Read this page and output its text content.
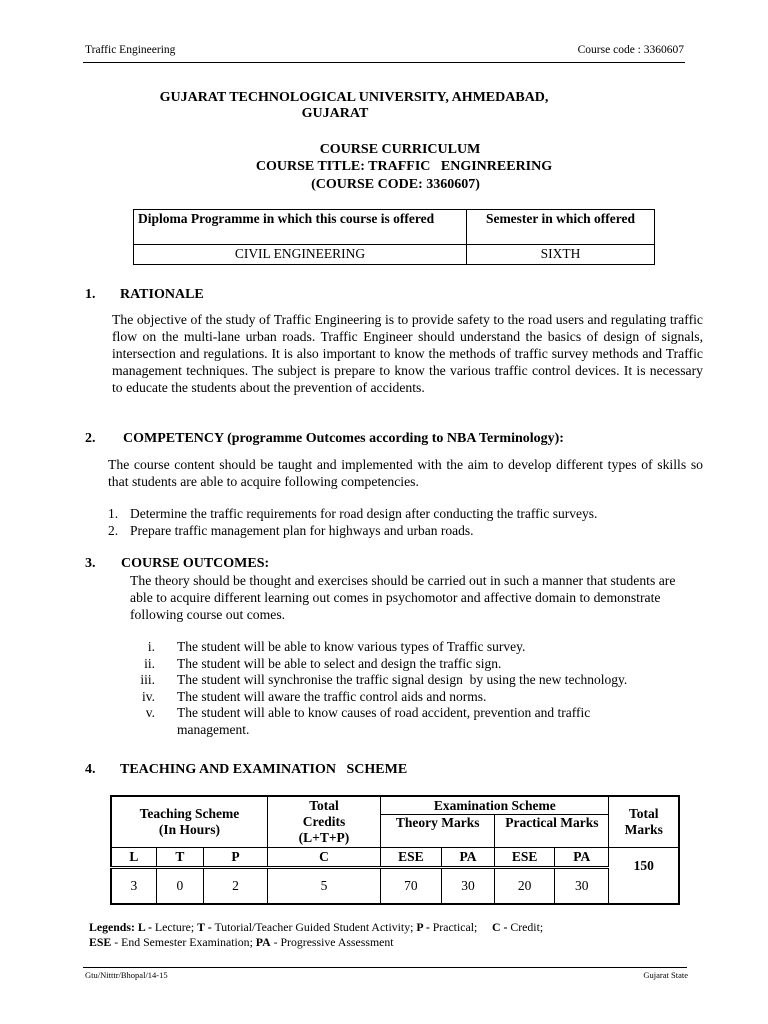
Traffic Engineering	Course code : 3360607
GUJARAT TECHNOLOGICAL UNIVERSITY, AHMEDABAD,
GUJARAT
COURSE CURRICULUM
COURSE TITLE: TRAFFIC   ENGINREERING
(COURSE CODE: 3360607)
Diploma Programme in which this course is offered	Semester in which offered
CIVIL ENGINEERING	SIXTH
1. RATIONALE
The objective of the study of Traffic Engineering is to provide safety to the road users and regulating traffic flow on the multi-lane urban roads. Traffic Engineer should understand the basics of design of signals, intersection and regulations. It is also important to know the methods of traffic survey methods and Traffic management techniques. The subject is prepare to know the various traffic control devices. It is necessary to educate the students about the prevention of accidents.
2. COMPETENCY (programme Outcomes according to NBA Terminology):
The course content should be taught and implemented with the aim to develop different types of skills so that students are able to acquire following competencies.
1. Determine the traffic requirements for road design after conducting the traffic surveys.
2. Prepare traffic management plan for highways and urban roads.
3. COURSE OUTCOMES:
The theory should be thought and exercises should be carried out in such a manner that students are able to acquire different learning out comes in psychomotor and affective domain to demonstrate following course out comes.
i.	The student will be able to know various types of Traffic survey.
ii.	The student will be able to select and design the traffic sign.
iii.	The student will synchronise the traffic signal design  by using the new technology.
iv.	The student will aware the traffic control aids and norms.
v.	The student will able to know causes of road accident, prevention and traffic management.
4. TEACHING AND EXAMINATION   SCHEME
Teaching Scheme (In Hours)			Total Credits (L+T+P)	Examination Scheme				Total Marks
				Theory Marks		Practical Marks		
L	T	P	C	ESE	PA	ESE	PA	150
3	0	2	5	70	30	20	30	
Legends: L - Lecture; T - Tutorial/Teacher Guided Student Activity; P - Practical;     C - Credit;
ESE - End Semester Examination; PA - Progressive Assessment
Gtu/Nitttr/Bhopal/14-15	Gujarat State
